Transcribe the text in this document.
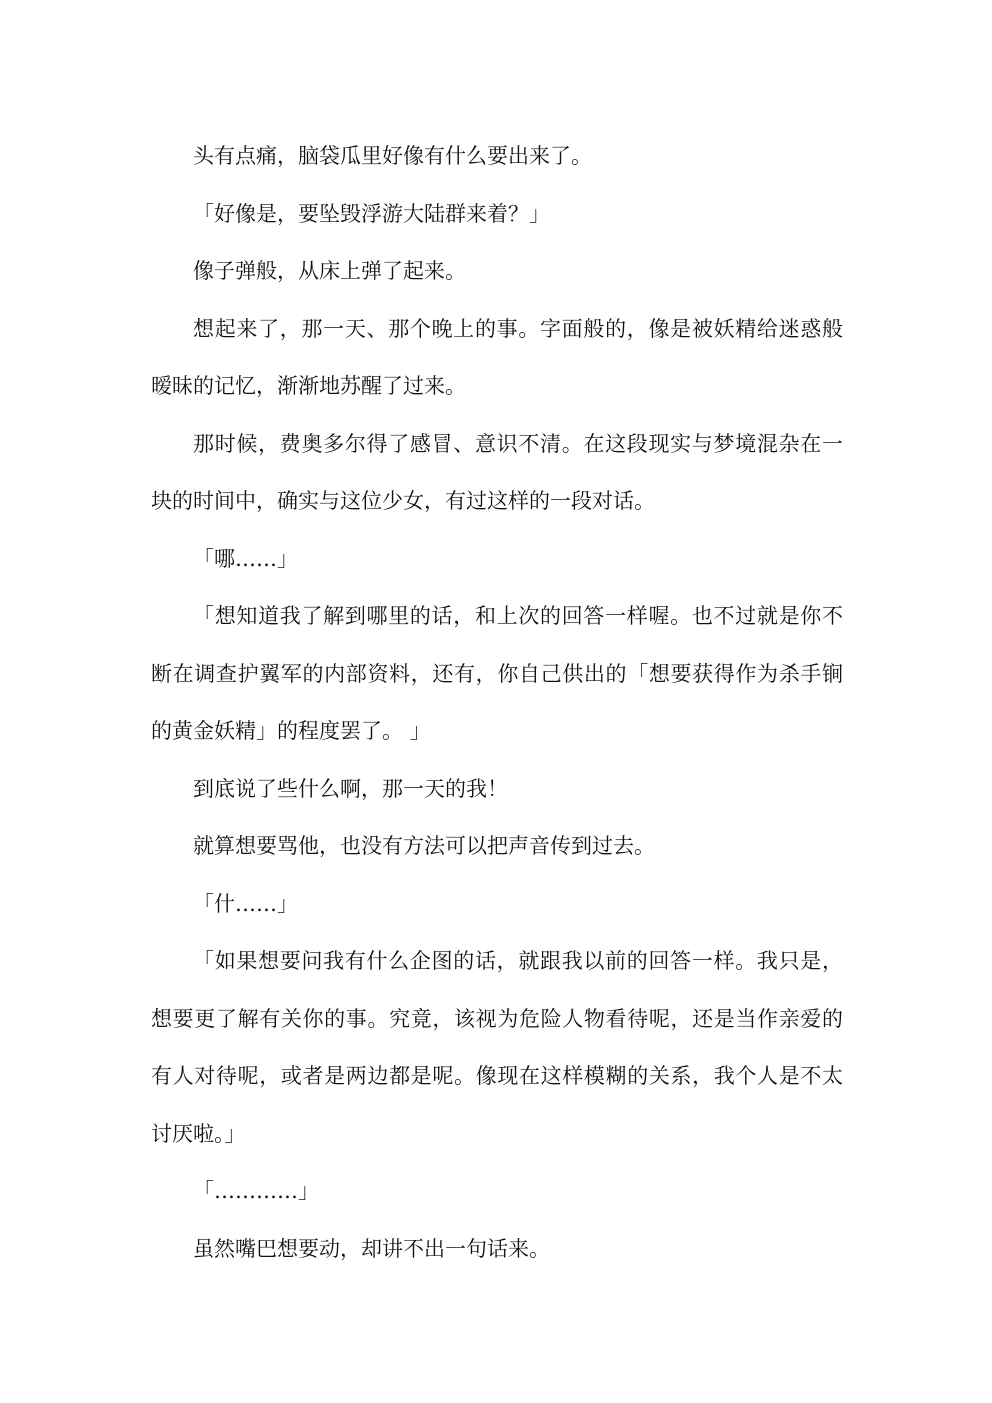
头有点痛，脑袋瓜里好像有什么要出来了。

「好像是，要坠毁浮游大陆群来着？」

像子弹般，从床上弹了起来。

想起来了，那一天、那个晚上的事。字面般的，像是被妖精给迷惑般暧昧的记忆，渐渐地苏醒了过来。

那时候，费奥多尔得了感冒、意识不清。在这段现实与梦境混杂在一块的时间中，确实与这位少女，有过这样的一段对话。

「哪……」

「想知道我了解到哪里的话，和上次的回答一样喔。也不过就是你不断在调查护翼军的内部资料，还有，你自己供出的「想要获得作为杀手锏的黄金妖精」的程度罢了。 」

到底说了些什么啊，那一天的我！

就算想要骂他，也没有方法可以把声音传到过去。

「什……」

「如果想要问我有什么企图的话，就跟我以前的回答一样。我只是，想要更了解有关你的事。究竟，该视为危险人物看待呢，还是当作亲爱的有人对待呢，或者是两边都是呢。像现在这样模糊的关系，我个人是不太讨厌啦。」

「…………」

虽然嘴巴想要动，却讲不出一句话来。
